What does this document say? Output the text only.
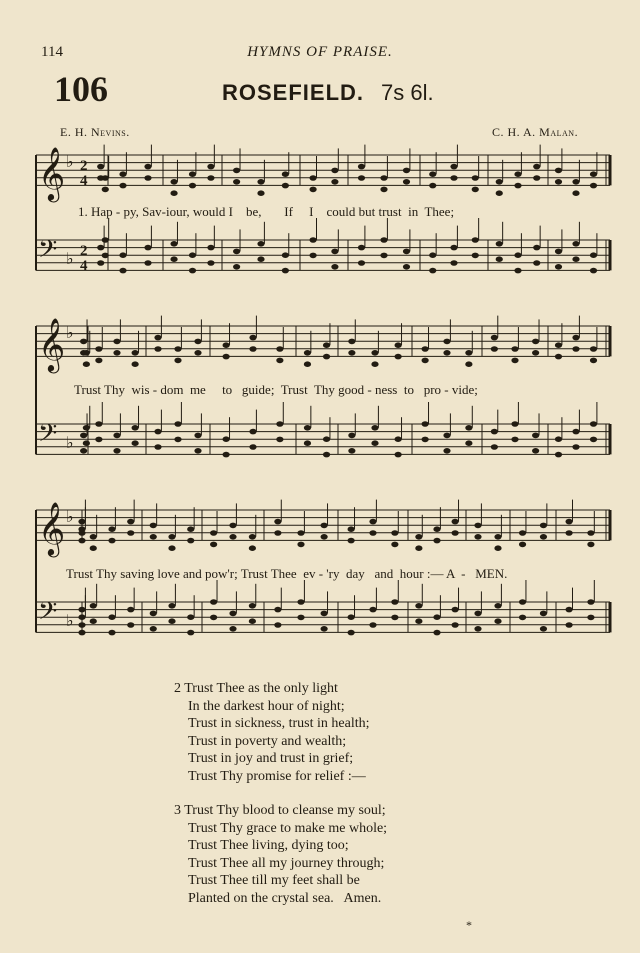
114	HYMNS OF PRAISE.
106	ROSEFIELD. 7s 6l.
E. H. Nevins.	C. H. A. Malan.
𝄞 ♭ 2
4
𝄢 ♭ 2
4
𝄞 ♭
𝄢 ♭
𝄞 ♭
𝄢 ♭
1. Hap - py, Sav-iour, would I    be,       If     I    could but trust  in  Thee;
Trust Thy  wis - dom  me     to   guide;  Trust  Thy good - ness  to   pro - vide;
Trust Thy saving love and pow'r; Trust Thee  ev - 'ry  day   and  hour :— A  -   MEN.
2 Trust Thee as the only light
In the darkest hour of night;
Trust in sickness, trust in health;
Trust in poverty and wealth;
Trust in joy and trust in grief;
Trust Thy promise for relief :—
3 Trust Thy blood to cleanse my soul;
Trust Thy grace to make me whole;
Trust Thee living, dying too;
Trust Thee all my journey through;
Trust Thee till my feet shall be
Planted on the crystal sea.   Amen.
*
